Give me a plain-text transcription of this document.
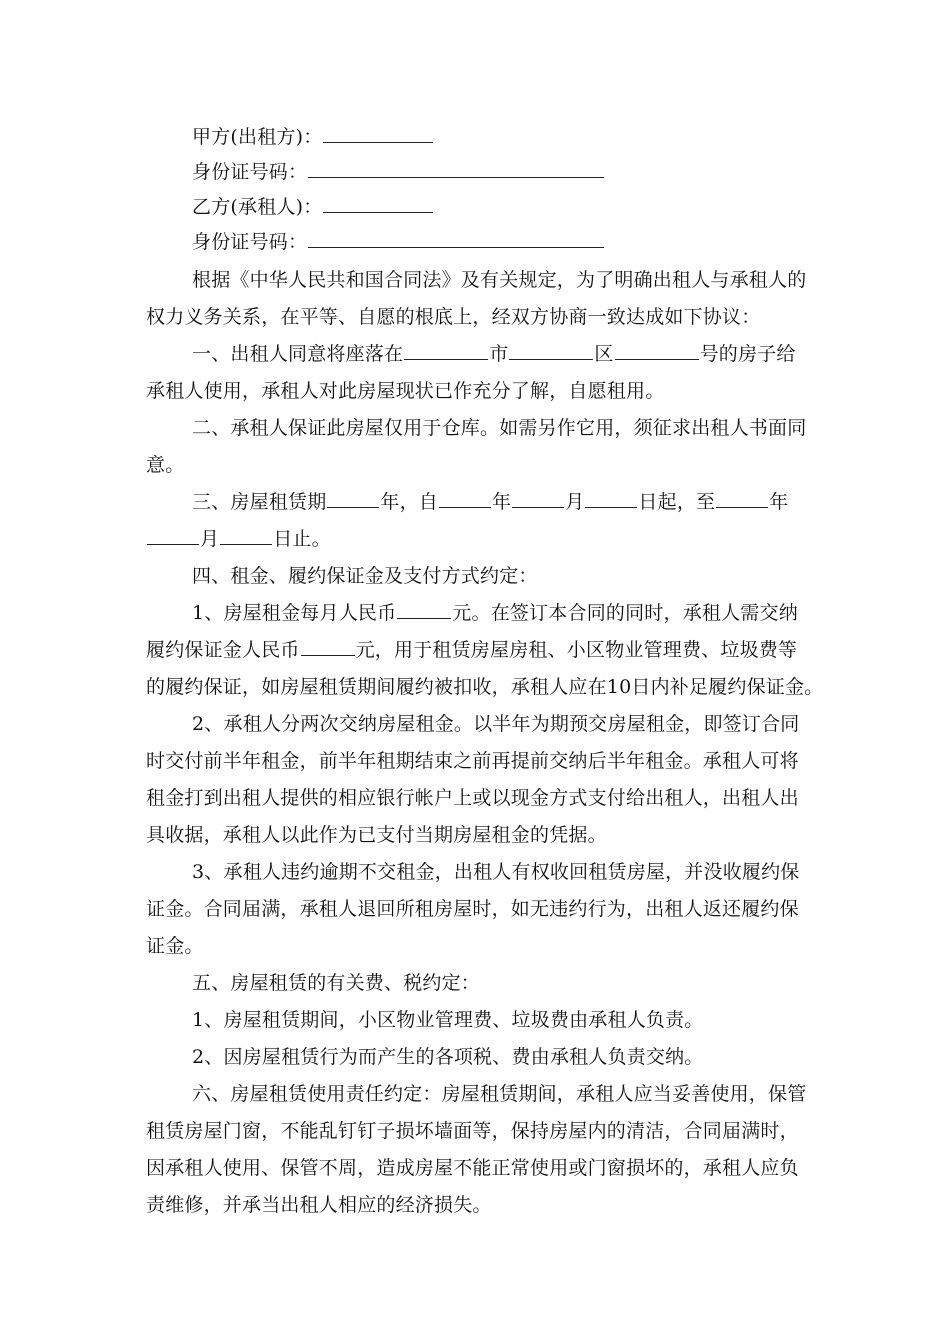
甲方(出租方)：
身份证号码：
乙方(承租人)：
身份证号码：
根据《中华人民共和国合同法》及有关规定，为了明确出租人与承租人的
权力义务关系，在平等、自愿的根底上，经双方协商一致达成如下协议：
一、出租人同意将座落在	市	区	号的房子给
承租人使用，承租人对此房屋现状已作充分了解，自愿租用。
二、承租人保证此房屋仅用于仓库。如需另作它用，须征求出租人书面同
意。
三、房屋租赁期	年，自	年	月	日起，至	年
月	日止。
四、租金、履约保证金及支付方式约定：
1、房屋租金每月人民币	元。在签订本合同的同时，承租人需交纳
履约保证金人民币	元，用于租赁房屋房租、小区物业管理费、垃圾费等
的履约保证，如房屋租赁期间履约被扣收，承租人应在10日内补足履约保证金。
2、承租人分两次交纳房屋租金。以半年为期预交房屋租金，即签订合同
时交付前半年租金，前半年租期结束之前再提前交纳后半年租金。承租人可将
租金打到出租人提供的相应银行帐户上或以现金方式支付给出租人，出租人出
具收据，承租人以此作为已支付当期房屋租金的凭据。
3、承租人违约逾期不交租金，出租人有权收回租赁房屋，并没收履约保
证金。合同届满，承租人退回所租房屋时，如无违约行为，出租人返还履约保
证金。
五、房屋租赁的有关费、税约定：
1、房屋租赁期间，小区物业管理费、垃圾费由承租人负责。
2、因房屋租赁行为而产生的各项税、费由承租人负责交纳。
六、房屋租赁使用责任约定：房屋租赁期间，承租人应当妥善使用，保管
租赁房屋门窗，不能乱钉钉子损坏墙面等，保持房屋内的清洁，合同届满时，
因承租人使用、保管不周，造成房屋不能正常使用或门窗损坏的，承租人应负
责维修，并承当出租人相应的经济损失。
